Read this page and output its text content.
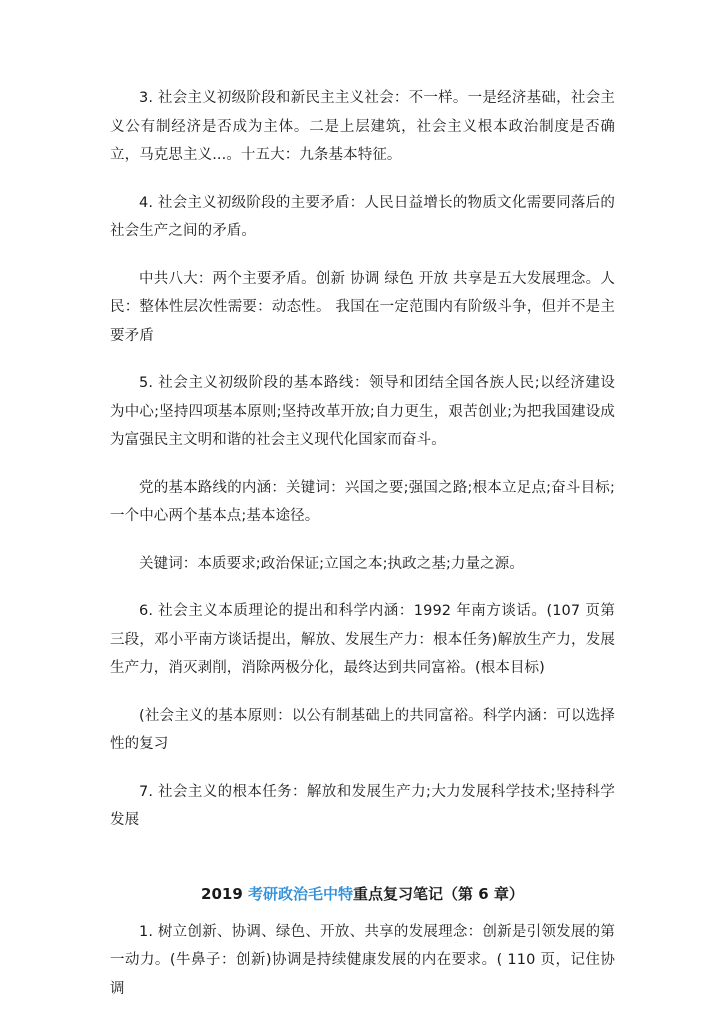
3. 社会主义初级阶段和新民主主义社会：不一样。一是经济基础，社会主义公有制经济是否成为主体。二是上层建筑，社会主义根本政治制度是否确立，马克思主义...。十五大：九条基本特征。

4. 社会主义初级阶段的主要矛盾：人民日益增长的物质文化需要同落后的社会生产之间的矛盾。

中共八大：两个主要矛盾。创新 协调 绿色 开放 共享是五大发展理念。人民：整体性层次性需要：动态性。 我国在一定范围内有阶级斗争，但并不是主要矛盾

5. 社会主义初级阶段的基本路线：领导和团结全国各族人民;以经济建设为中心;坚持四项基本原则;坚持改革开放;自力更生，艰苦创业;为把我国建设成为富强民主文明和谐的社会主义现代化国家而奋斗。

党的基本路线的内涵：关键词：兴国之要;强国之路;根本立足点;奋斗目标;一个中心两个基本点;基本途径。

关键词：本质要求;政治保证;立国之本;执政之基;力量之源。

6. 社会主义本质理论的提出和科学内涵：1992 年南方谈话。(107 页第三段，邓小平南方谈话提出，解放、发展生产力：根本任务)解放生产力，发展生产力，消灭剥削，消除两极分化，最终达到共同富裕。(根本目标)

(社会主义的基本原则：以公有制基础上的共同富裕。科学内涵：可以选择性的复习

7. 社会主义的根本任务：解放和发展生产力;大力发展科学技术;坚持科学发展

2019 考研政治毛中特重点复习笔记（第 6 章）

1. 树立创新、协调、绿色、开放、共享的发展理念：创新是引领发展的第一动力。(牛鼻子：创新)协调是持续健康发展的内在要求。( 110 页，记住协调
